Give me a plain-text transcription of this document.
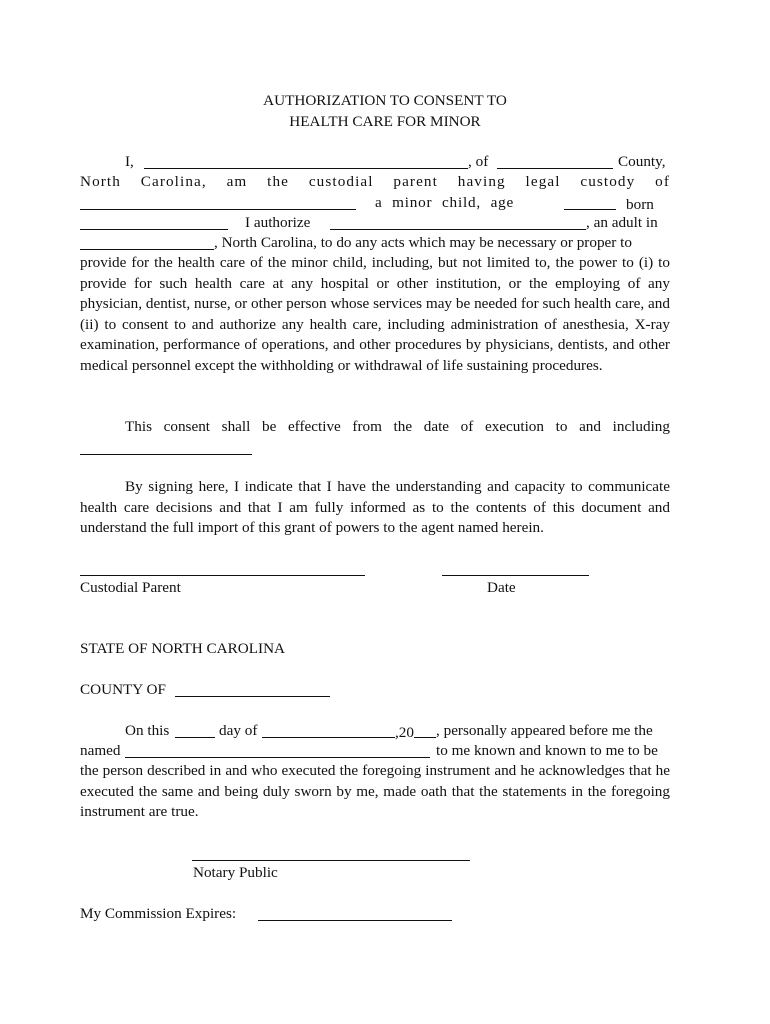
AUTHORIZATION TO CONSENT TO
HEALTH CARE FOR MINOR
I,	, of	County,
North Carolina, am the custodial parent having legal custody of
a minor child, age	born
I authorize	, an adult in
, North Carolina, to do any acts which may be necessary or proper to
provide for the health care of the minor child, including, but not limited to, the power to (i) to provide for such health care at any hospital or other institution, or the employing of any physician, dentist, nurse, or other person whose services may be needed for such health care, and (ii) to consent to and authorize any health care, including administration of anesthesia, X-ray examination, performance of operations, and other procedures by physicians, dentists, and other medical personnel except the withholding or withdrawal of life sustaining procedures.
This consent shall be effective from the date of execution to and including
By signing here, I indicate that I have the understanding and capacity to communicate health care decisions and that I am fully informed as to the contents of this document and understand the full import of this grant of powers to the agent named herein.
Custodial Parent	Date
STATE OF NORTH CAROLINA
COUNTY OF
On this	day of	,20 , personally appeared before me the
named	to me known and known to me to be
the person described in and who executed the foregoing instrument and he acknowledges that he executed the same and being duly sworn by me, made oath that the statements in the foregoing instrument are true.
Notary Public
My Commission Expires:
